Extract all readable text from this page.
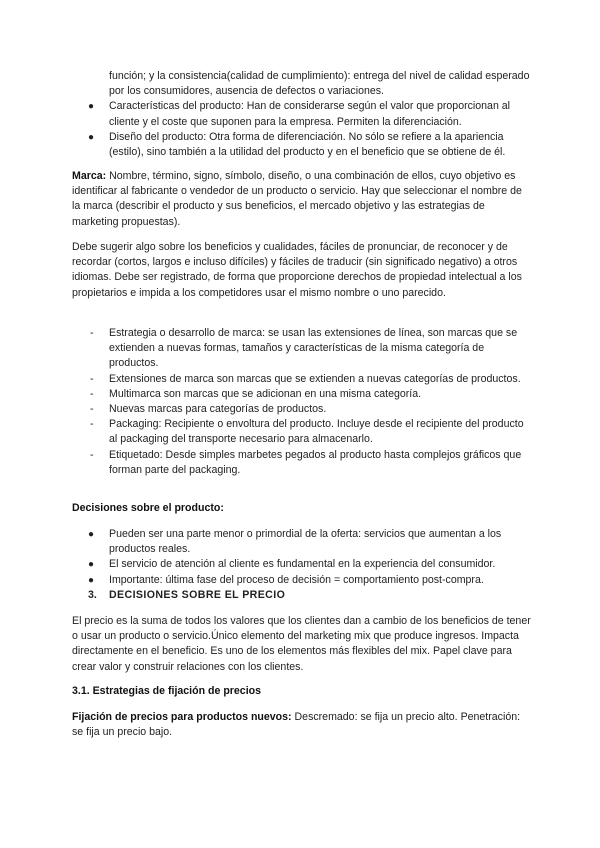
función; y la consistencia(calidad de cumplimiento): entrega del nivel de calidad esperado por los consumidores, ausencia de defectos o variaciones.

● Características del producto: Han de considerarse según el valor que proporcionan al cliente y el coste que suponen para la empresa. Permiten la diferenciación.
● Diseño del producto: Otra forma de diferenciación. No sólo se refiere a la apariencia (estilo), sino también a la utilidad del producto y en el beneficio que se obtiene de él.

Marca: Nombre, término, signo, símbolo, diseño, o una combinación de ellos, cuyo objetivo es identificar al fabricante o vendedor de un producto o servicio. Hay que seleccionar el nombre de la marca (describir el producto y sus beneficios, el mercado objetivo y las estrategias de marketing propuestas).

Debe sugerir algo sobre los beneficios y cualidades, fáciles de pronunciar, de reconocer y de recordar (cortos, largos e incluso difíciles) y fáciles de traducir (sin significado negativo) a otros idiomas. Debe ser registrado, de forma que proporcione derechos de propiedad intelectual a los propietarios e impida a los competidores usar el mismo nombre o uno parecido.

- Estrategia o desarrollo de marca: se usan las extensiones de línea, son marcas que se extienden a nuevas formas, tamaños y características de la misma categoría de productos.
- Extensiones de marca son marcas que se extienden a nuevas categorías de productos.
- Multimarca son marcas que se adicionan en una misma categoría.
- Nuevas marcas para categorías de productos.
- Packaging: Recipiente o envoltura del producto. Incluye desde el recipiente del producto al packaging del transporte necesario para almacenarlo.
- Etiquetado: Desde simples marbetes pegados al producto hasta complejos gráficos que forman parte del packaging.

Decisiones sobre el producto:

● Pueden ser una parte menor o primordial de la oferta: servicios que aumentan a los productos reales.
● El servicio de atención al cliente es fundamental en la experiencia del consumidor.
● Importante: última fase del proceso de decisión = comportamiento post-compra.
3. DECISIONES SOBRE EL PRECIO

El precio es la suma de todos los valores que los clientes dan a cambio de los beneficios de tener o usar un producto o servicio.Único elemento del marketing mix que produce ingresos. Impacta directamente en el beneficio. Es uno de los elementos más flexibles del mix. Papel clave para crear valor y construir relaciones con los clientes.

3.1. Estrategias de fijación de precios

Fijación de precios para productos nuevos: Descremado: se fija un precio alto. Penetración: se fija un precio bajo.
